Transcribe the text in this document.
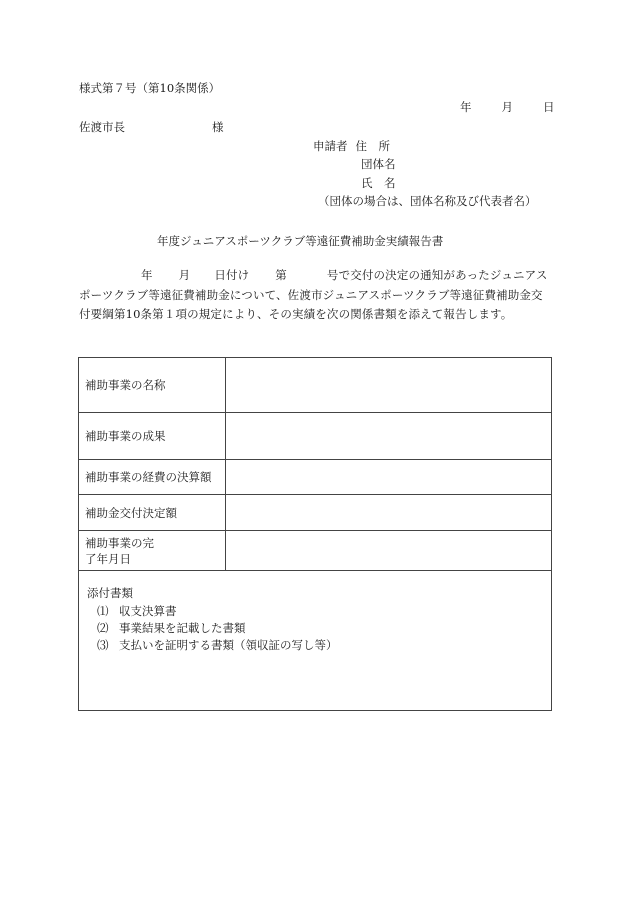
様式第７号（第10条関係）
年	月	日
佐渡市長	様
申請者 住　所
団体名
氏　名
（団体の場合は、団体名称及び代表者名）
年度ジュニアスポーツクラブ等遠征費補助金実績報告書
年 月 日付け 第	号で交付の決定の通知があったジュニアスポーツクラブ等遠征費補助金について、佐渡市ジュニアスポーツクラブ等遠征費補助金交付要綱第10条第１項の規定により、その実績を次の関係書類を添えて報告します。
補助事業の名称	
補助事業の成果	
補助事業の経費の決算額	
補助金交付決定額	
補助事業の完了年月日	
添付書類
⑴ 収支決算書
⑵ 事業結果を記載した書類
⑶ 支払いを証明する書類（領収証の写し等）
